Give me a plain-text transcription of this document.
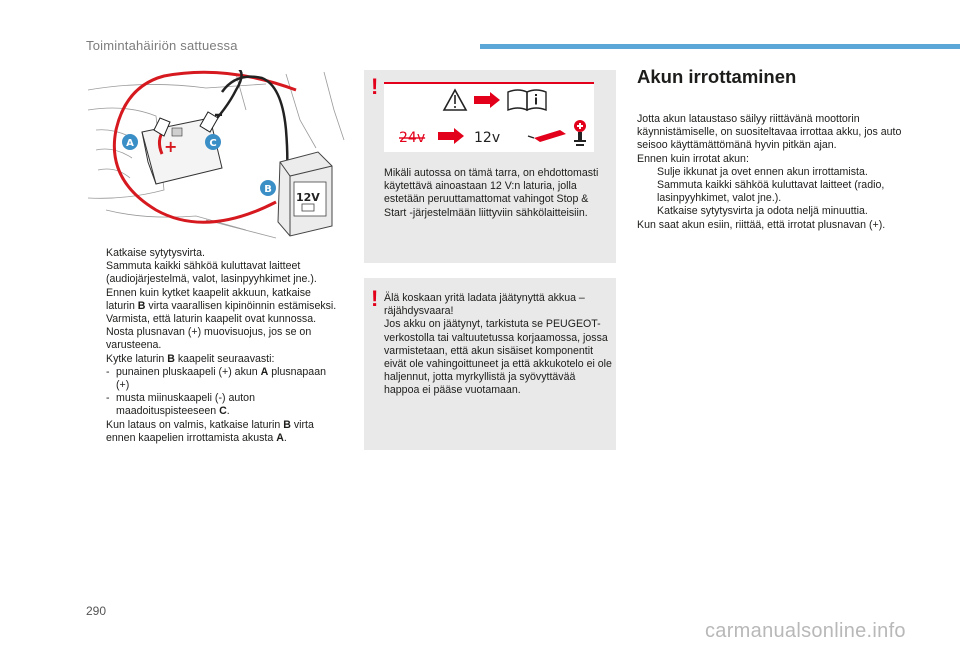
Toimintahäiriön sattuessa
+
–
12V
A	C
B
Katkaise sytytysvirta.
Sammuta kaikki sähköä kuluttavat laitteet (audiojärjestelmä, valot, lasinpyyhkimet jne.).
Ennen kuin kytket kaapelit akkuun, katkaise laturin B virta vaarallisen kipinöinnin estämiseksi.
Varmista, että laturin kaapelit ovat kunnossa.
Nosta plusnavan (+) muovisuojus, jos se on varusteena.
Kytke laturin B kaapelit seuraavasti:
- punainen pluskaapeli (+) akun A plusnapaan (+)
- musta miinuskaapeli (-) auton maadoituspisteeseen C.
Kun lataus on valmis, katkaise laturin B virta ennen kaapelien irrottamista akusta A.
!
24v	12v
Mikäli autossa on tämä tarra, on ehdottomasti käytettävä ainoastaan 12 V:n laturia, jolla estetään peruuttamattomat vahingot Stop & Start -järjestelmään liittyviin sähkölaitteisiin.
! Älä koskaan yritä ladata jäätynyttä akkua – räjähdysvaara!
Jos akku on jäätynyt, tarkistuta se PEUGEOT-verkostolla tai valtuutetussa korjaamossa, jossa varmistetaan, että akun sisäiset komponentit eivät ole vahingoittuneet ja että akkukotelo ei ole haljennut, jotta myrkyllistä ja syövyttävää happoa ei pääse vuotamaan.
Akun irrottaminen
Jotta akun lataustaso säilyy riittävänä moottorin käynnistämiselle, on suositeltavaa irrottaa akku, jos auto seisoo käyttämättömänä hyvin pitkän ajan.
Ennen kuin irrotat akun:
Sulje ikkunat ja ovet ennen akun irrottamista.
Sammuta kaikki sähköä kuluttavat laitteet (radio, lasinpyyhkimet, valot jne.).
Katkaise sytytysvirta ja odota neljä minuuttia.
Kun saat akun esiin, riittää, että irrotat plusnavan (+).
290
carmanualsonline.info
